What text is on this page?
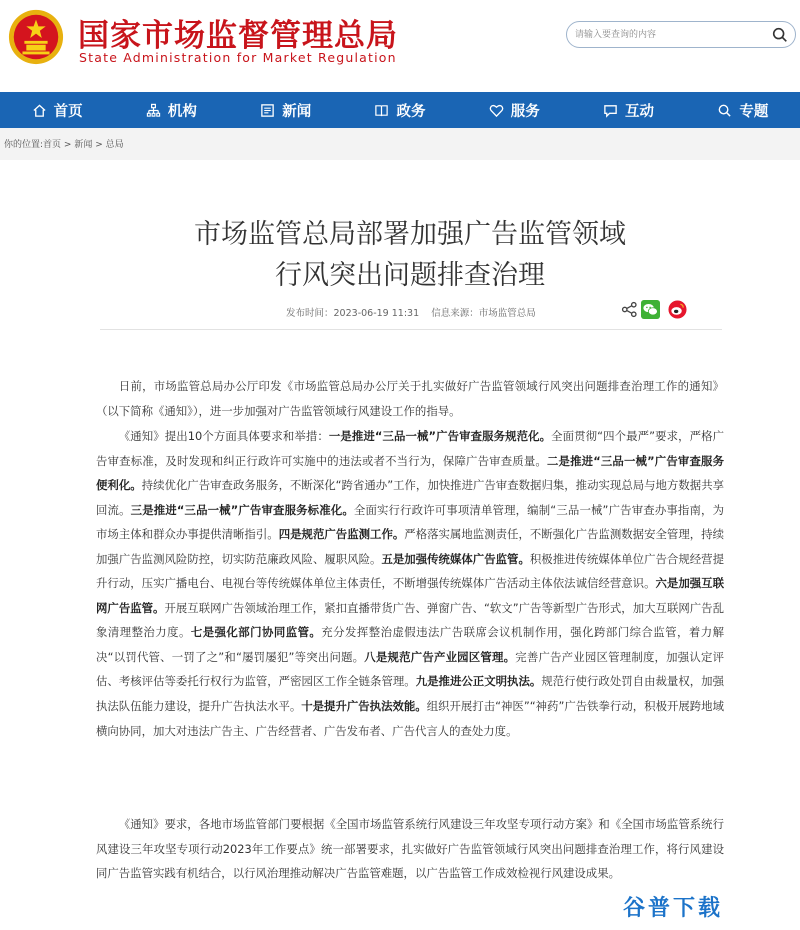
国家市场监督管理总局
State Administration for Market Regulation
请输入要查询的内容
首页	机构	新闻	政务	服务	互动	专题
你的位置:首页 > 新闻 > 总局
市场监管总局部署加强广告监管领域
行风突出问题排查治理
发布时间：2023-06-19 11:31 信息来源：市场监管总局

日前，市场监管总局办公厅印发《市场监管总局办公厅关于扎实做好广告监管领域行风突出问题排查治理工作的通知》（以下简称《通知》），进一步加强对广告监管领域行风建设工作的指导。

《通知》提出10个方面具体要求和举措：一是推进“三品一械”广告审查服务规范化。全面贯彻“四个最严”要求，严格广告审查标准，及时发现和纠正行政许可实施中的违法或者不当行为，保障广告审查质量。二是推进“三品一械”广告审查服务便利化。持续优化广告审查政务服务，不断深化“跨省通办”工作，加快推进广告审查数据归集，推动实现总局与地方数据共享回流。三是推进“三品一械”广告审查服务标准化。全面实行行政许可事项清单管理，编制“三品一械”广告审查办事指南，为市场主体和群众办事提供清晰指引。四是规范广告监测工作。严格落实属地监测责任，不断强化广告监测数据安全管理，持续加强广告监测风险防控，切实防范廉政风险、履职风险。五是加强传统媒体广告监管。积极推进传统媒体单位广告合规经营提升行动，压实广播电台、电视台等传统媒体单位主体责任，不断增强传统媒体广告活动主体依法诚信经营意识。六是加强互联网广告监管。开展互联网广告领域治理工作，紧扣直播带货广告、弹窗广告、“软文”广告等新型广告形式，加大互联网广告乱象清理整治力度。七是强化部门协同监管。充分发挥整治虚假违法广告联席会议机制作用，强化跨部门综合监管，着力解决“以罚代管、一罚了之”和“屡罚屡犯”等突出问题。八是规范广告产业园区管理。完善广告产业园区管理制度，加强认定评估、考核评估等委托行权行为监管，严密园区工作全链条管理。九是推进公正文明执法。规范行使行政处罚自由裁量权，加强执法队伍能力建设，提升广告执法水平。十是提升广告执法效能。组织开展打击“神医”“神药”广告铁拳行动，积极开展跨地域横向协同，加大对违法广告主、广告经营者、广告发布者、广告代言人的查处力度。

《通知》要求，各地市场监管部门要根据《全国市场监管系统行风建设三年攻坚专项行动方案》和《全国市场监管系统行风建设三年攻坚专项行动2023年工作要点》统一部署要求，扎实做好广告监管领域行风突出问题排查治理工作，将行风建设同广告监管实践有机结合，以行风治理推动解决广告监管难题，以广告监管工作成效检视行风建设成果。

谷普下载
